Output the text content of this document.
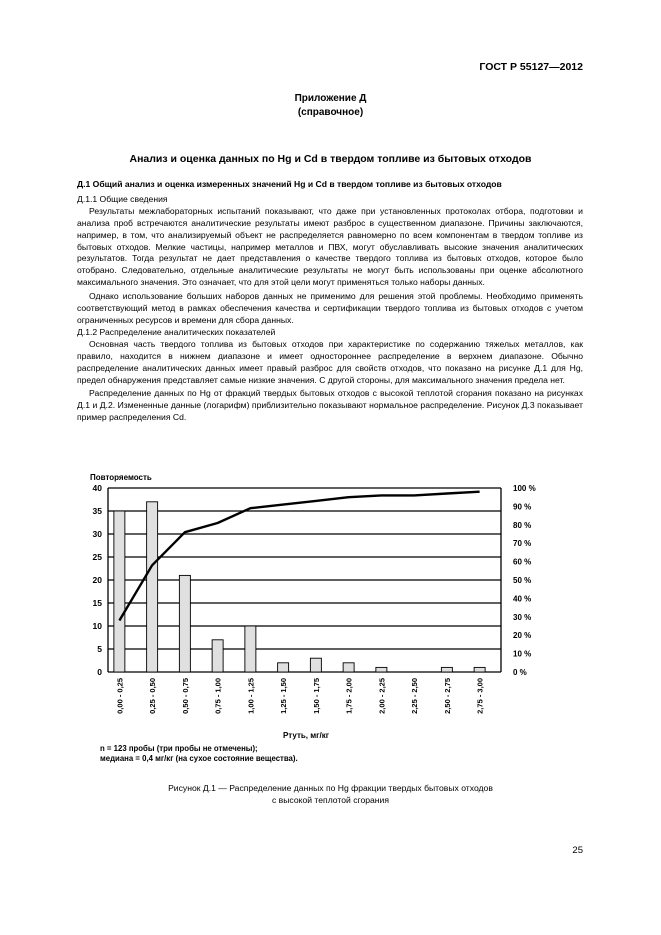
ГОСТ Р 55127—2012
Приложение Д
(справочное)
Анализ и оценка данных по Hg и Cd в твердом топливе из бытовых отходов

Д.1 Общий анализ и оценка измеренных значений Hg и Cd в твердом топливе из бытовых отходов

Д.1.1 Общие сведения

Результаты межлабораторных испытаний показывают, что даже при установленных протоколах отбора, подготовки и анализа проб встречаются аналитические результаты имеют разброс в существенном диапазоне. Причины заключаются, например, в том, что анализируемый объект не распределяется равномерно по всем компонентам в твердом топливе из бытовых отходов. Мелкие частицы, например металлов и ПВХ, могут обуславливать высокие значения аналитических результатов. Тогда результат не дает представления о качестве твердого топлива из бытовых отходов, которое было отобрано. Следовательно, отдельные аналитические результаты не могут быть использованы при оценке абсолютного максимального значения. Это означает, что для этой цели могут применяться только наборы данных.

Однако использование больших наборов данных не применимо для решения этой проблемы. Необходимо применять соответствующий метод в рамках обеспечения качества и сертификации твердого топлива из бытовых отходов с учетом ограниченных ресурсов и времени для сбора данных.

Д.1.2 Распределение аналитических показателей

Основная часть твердого топлива из бытовых отходов при характеристике по содержанию тяжелых металлов, как правило, находится в нижнем диапазоне и имеет одностороннее распределение в верхнем диапазоне. Обычно распределение аналитических данных имеет правый разброс для свойств отходов, что показано на рисунке Д.1 для Hg, предел обнаружения представляет самые низкие значения. С другой стороны, для максимального значения предела нет.

Распределение данных по Hg от фракций твердых бытовых отходов с высокой теплотой сгорания показано на рисунках Д.1 и Д.2. Измененные данные (логарифм) приблизительно показывают нормальное распределение. Рисунок Д.3 показывает пример распределения Cd.

0
5
10
15
20
25
30
35
40
0 %
10 %
20 %
30 %
40 %
50 %
60 %
70 %
80 %
90 %
100 %
Повторяемость
0,00 - 0,25	0,25 - 0,50	0,50 - 0,75	0,75 - 1,00	1,00 - 1,25	1,25 - 1,50	1,50 - 1,75	1,75 - 2,00	2,00 - 2,25	2,25 - 2,50	2,50 - 2,75	2,75 - 3,00
Ртуть, мг/кг
n = 123 пробы (три пробы не отмечены);
медиана = 0,4 мг/кг (на сухое состояние вещества).
Рисунок Д.1 — Распределение данных по Hg фракции твердых бытовых отходов
с высокой теплотой сгорания
25
